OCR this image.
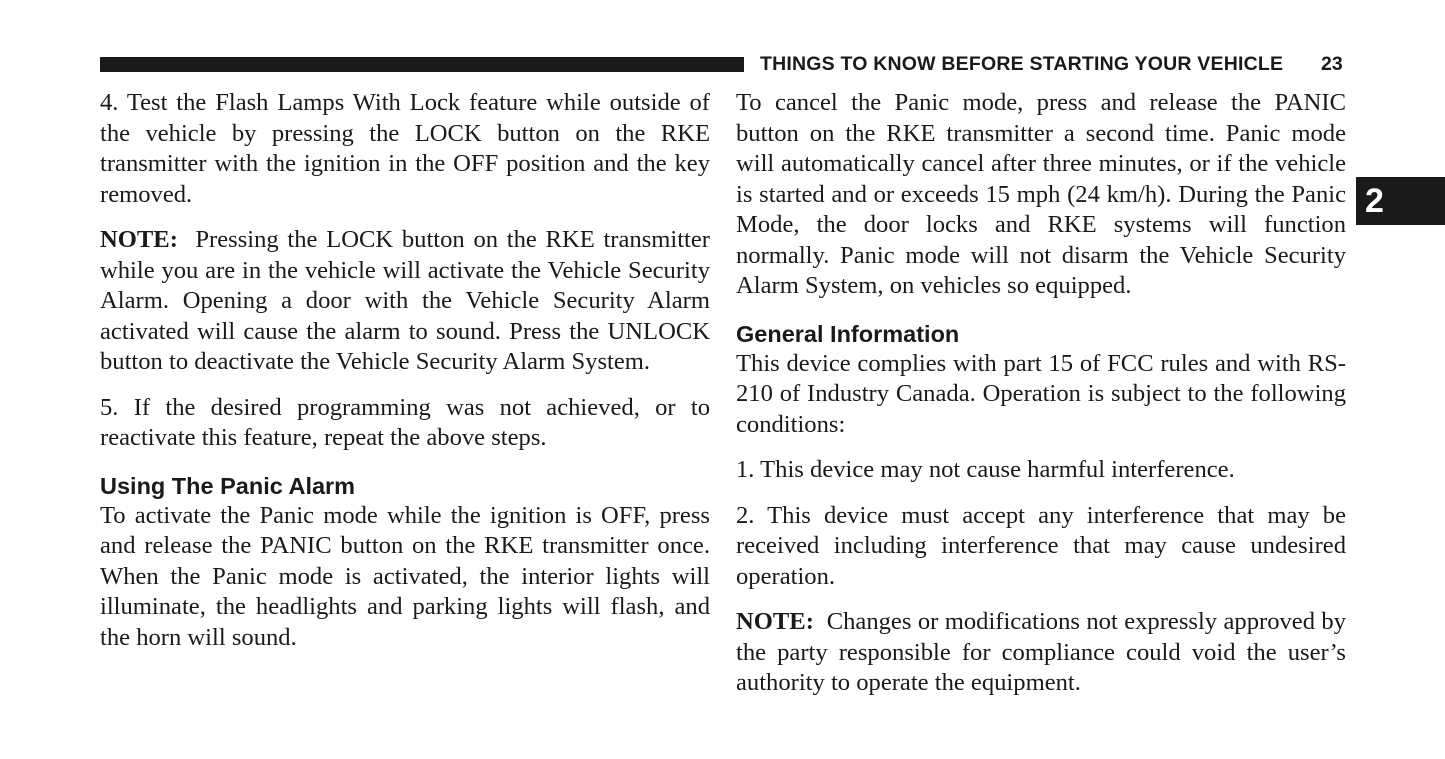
THINGS TO KNOW BEFORE STARTING YOUR VEHICLE 23
2

4. Test the Flash Lamps With Lock feature while outside of the vehicle by pressing the LOCK button on the RKE transmitter with the ignition in the OFF position and the key removed.

NOTE: Pressing the LOCK button on the RKE transmitter while you are in the vehicle will activate the Vehicle Security Alarm. Opening a door with the Vehicle Security Alarm activated will cause the alarm to sound. Press the UNLOCK button to deactivate the Vehicle Security Alarm System.

5. If the desired programming was not achieved, or to reactivate this feature, repeat the above steps.

Using The Panic Alarm

To activate the Panic mode while the ignition is OFF, press and release the PANIC button on the RKE transmitter once. When the Panic mode is activated, the interior lights will illuminate, the headlights and parking lights will flash, and the horn will sound.

To cancel the Panic mode, press and release the PANIC button on the RKE transmitter a second time. Panic mode will automatically cancel after three minutes, or if the vehicle is started and or exceeds 15 mph (24 km/h). During the Panic Mode, the door locks and RKE systems will function normally. Panic mode will not disarm the Vehicle Security Alarm System, on vehicles so equipped.

General Information

This device complies with part 15 of FCC rules and with RS-210 of Industry Canada. Operation is subject to the following conditions:

1. This device may not cause harmful interference.

2. This device must accept any interference that may be received including interference that may cause undesired operation.

NOTE: Changes or modifications not expressly approved by the party responsible for compliance could void the user’s authority to operate the equipment.
